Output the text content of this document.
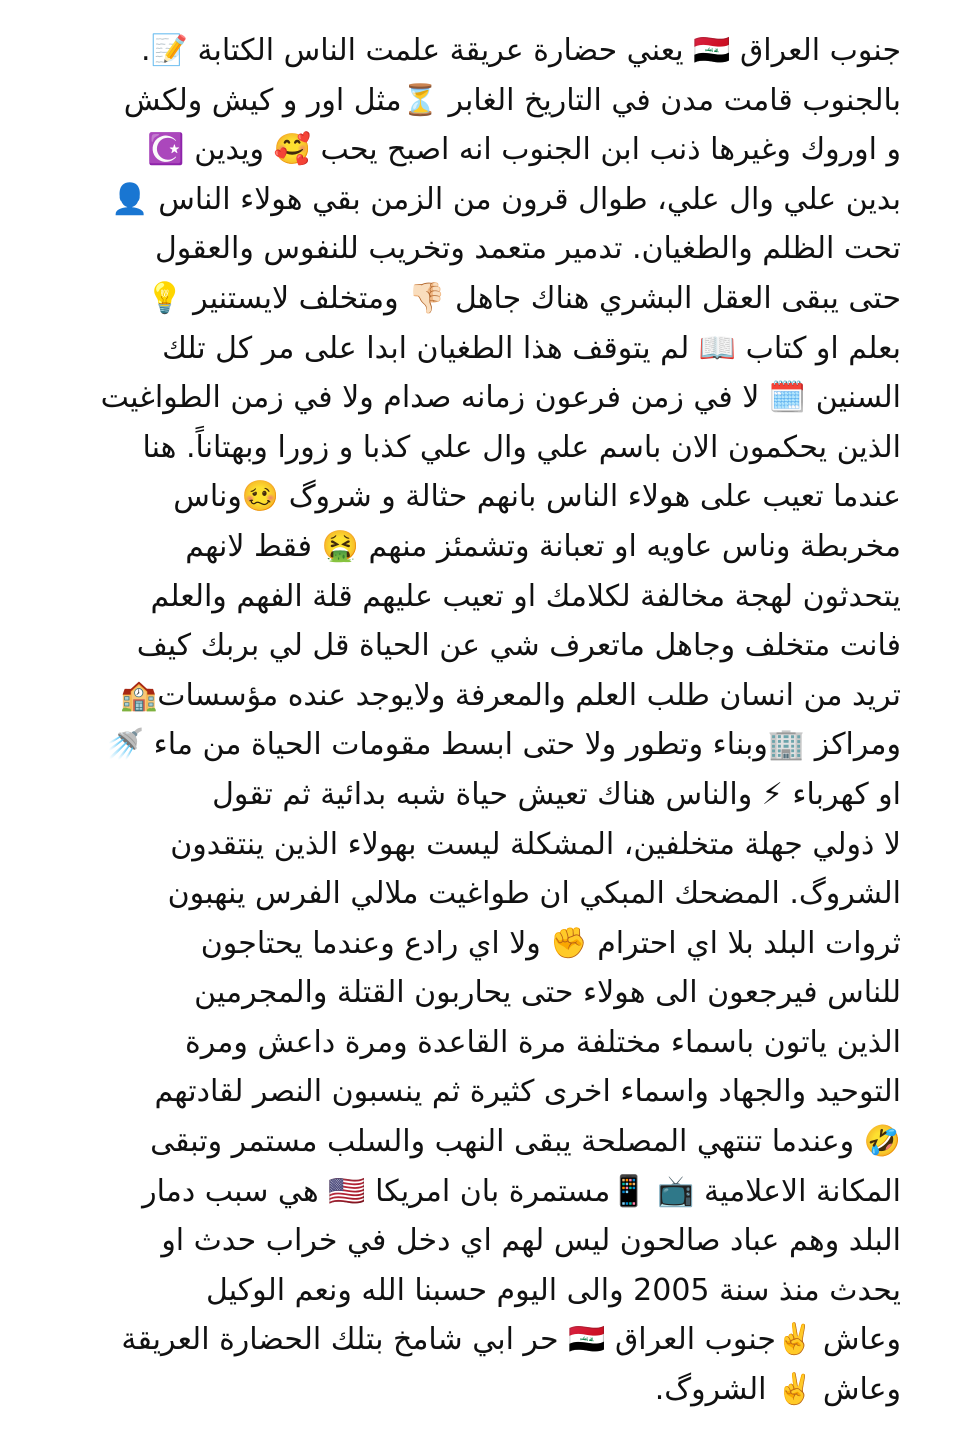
جنوب العراق 🇮🇶 يعني حضارة عريقة علمت الناس الكتابة 📝.
بالجنوب قامت مدن في التاريخ الغابر ⏳مثل اور و كيش ولكش
و اوروك وغيرها ذنب ابن الجنوب انه اصبح يحب 🥰 ويدين ☪️
بدين علي وال علي، طوال قرون من الزمن بقي هولاء الناس 👤
تحت الظلم والطغيان. تدمير متعمد وتخريب للنفوس والعقول
حتى يبقى العقل البشري هناك جاهل 👎🏻 ومتخلف لايستنير 💡
بعلم او كتاب 📖 لم يتوقف هذا الطغيان ابدا على مر كل تلك
السنين 🗓️ لا في زمن فرعون زمانه صدام ولا في زمن الطواغيت
الذين يحكمون الان باسم علي وال علي كذبا و زورا وبهتاناً. هنا
عندما تعيب على هولاء الناس بانهم حثالة و شروگ 🥴وناس
مخربطة وناس عاويه او تعبانة وتشمئز منهم 🤮 فقط لانهم
يتحدثون لهجة مخالفة لكلامك او تعيب عليهم قلة الفهم والعلم
فانت متخلف وجاهل ماتعرف شي عن الحياة قل لي بربك كيف
تريد من انسان طلب العلم والمعرفة ولايوجد عنده مؤسسات🏫
ومراكز 🏢وبناء وتطور ولا حتى ابسط مقومات الحياة من ماء 🚿
او كهرباء ⚡ والناس هناك تعيش حياة شبه بدائية ثم تقول
لا ذولي جهلة متخلفين، المشكلة ليست بهولاء الذين ينتقدون
الشروگ. المضحك المبكي ان طواغيت ملالي الفرس ينهبون
ثروات البلد بلا اي احترام ✊ ولا اي رادع وعندما يحتاجون
للناس فيرجعون الى هولاء حتى يحاربون القتلة والمجرمين
الذين ياتون باسماء مختلفة مرة القاعدة ومرة داعش ومرة
التوحيد والجهاد واسماء اخرى كثيرة ثم ينسبون النصر لقادتهم
🤣 وعندما تنتهي المصلحة يبقى النهب والسلب مستمر وتبقى
المكانة الاعلامية 📺 📱مستمرة بان امريكا 🇺🇸 هي سبب دمار
البلد وهم عباد صالحون ليس لهم اي دخل في خراب حدث او
يحدث منذ سنة 2005 والى اليوم حسبنا الله ونعم الوكيل
وعاش ✌️جنوب العراق 🇮🇶 حر ابي شامخ بتلك الحضارة العريقة
وعاش ✌️ الشروگ.
